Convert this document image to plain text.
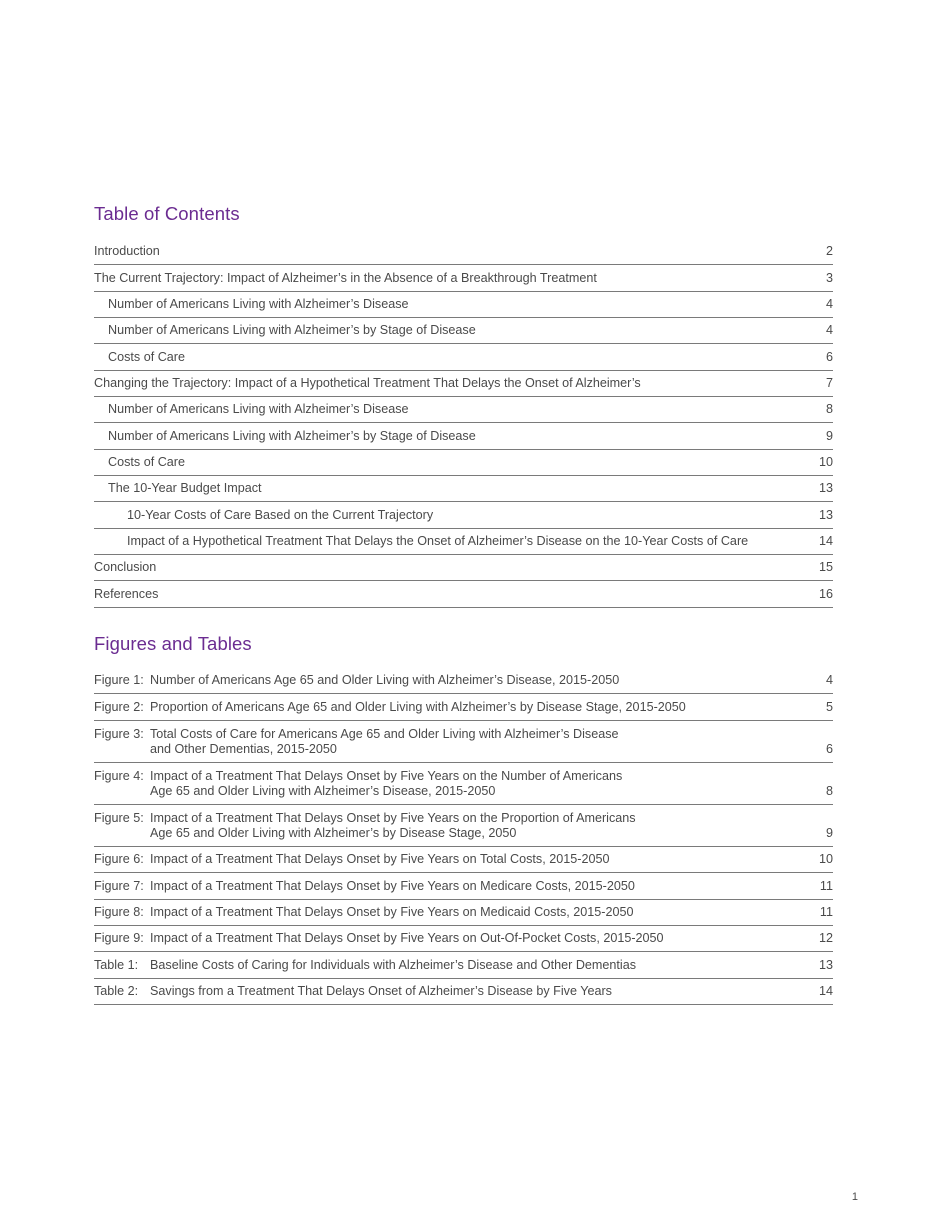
Table of Contents
Introduction	2
The Current Trajectory: Impact of Alzheimer’s in the Absence of a Breakthrough Treatment	3
Number of Americans Living with Alzheimer’s Disease	4
Number of Americans Living with Alzheimer’s by Stage of Disease	4
Costs of Care	6
Changing the Trajectory: Impact of a Hypothetical Treatment That Delays the Onset of Alzheimer’s	7
Number of Americans Living with Alzheimer’s Disease	8
Number of Americans Living with Alzheimer’s by Stage of Disease	9
Costs of Care	10
The 10-Year Budget Impact	13
10-Year Costs of Care Based on the Current Trajectory	13
Impact of a Hypothetical Treatment That Delays the Onset of Alzheimer’s Disease on the 10-Year Costs of Care	14
Conclusion	15
References	16
Figures and Tables
Figure 1: Number of Americans Age 65 and Older Living with Alzheimer’s Disease, 2015-2050	4
Figure 2: Proportion of Americans Age 65 and Older Living with Alzheimer’s by Disease Stage, 2015-2050	5
Figure 3: Total Costs of Care for Americans Age 65 and Older Living with Alzheimer’s Disease
and Other Dementias, 2015-2050	6
Figure 4: Impact of a Treatment That Delays Onset by Five Years on the Number of Americans
Age 65 and Older Living with Alzheimer’s Disease, 2015-2050	8
Figure 5: Impact of a Treatment That Delays Onset by Five Years on the Proportion of Americans
Age 65 and Older Living with Alzheimer’s by Disease Stage, 2050	9
Figure 6: Impact of a Treatment That Delays Onset by Five Years on Total Costs, 2015-2050	10
Figure 7: Impact of a Treatment That Delays Onset by Five Years on Medicare Costs, 2015-2050	11
Figure 8: Impact of a Treatment That Delays Onset by Five Years on Medicaid Costs, 2015-2050	11
Figure 9: Impact of a Treatment That Delays Onset by Five Years on Out-Of-Pocket Costs, 2015-2050	12
Table 1: Baseline Costs of Caring for Individuals with Alzheimer’s Disease and Other Dementias	13
Table 2: Savings from a Treatment That Delays Onset of Alzheimer’s Disease by Five Years	14
1
